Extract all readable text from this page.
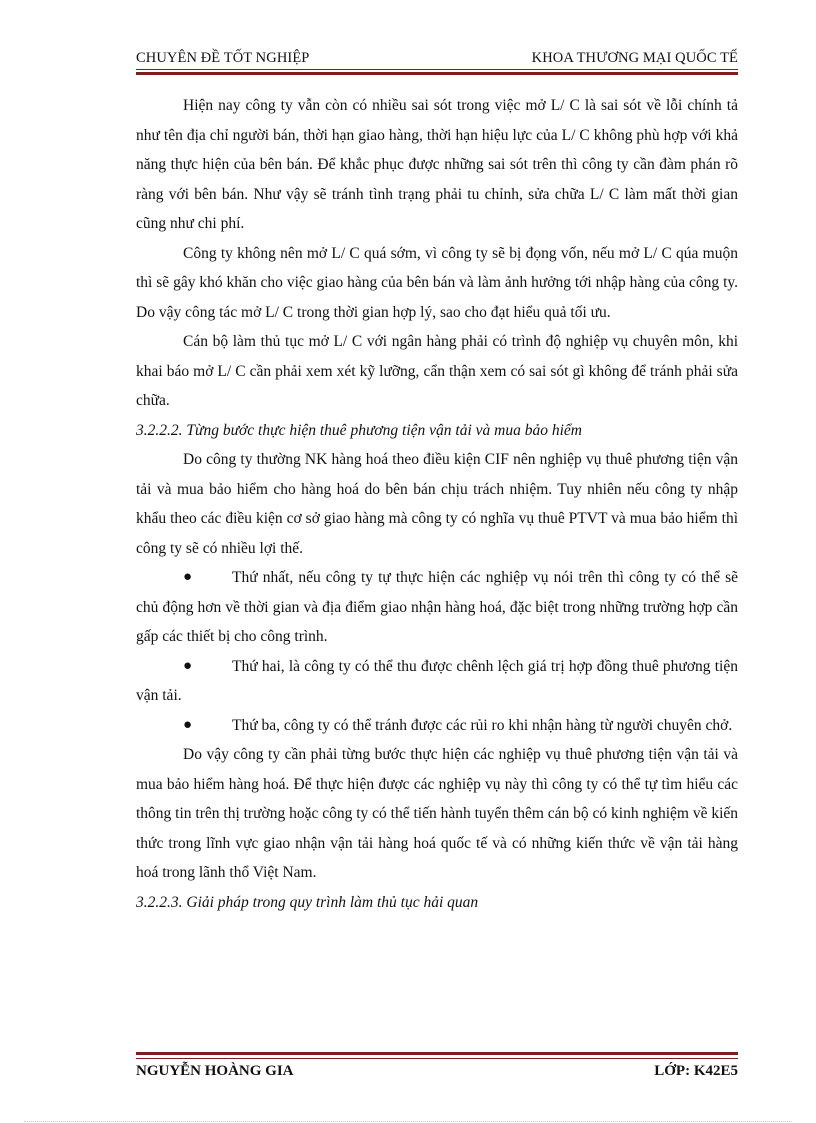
CHUYÊN ĐỀ TỐT NGHIỆP	KHOA THƯƠNG MẠI QUỐC TẾ

Hiện nay công ty vẫn còn có nhiều sai sót trong việc mở L/ C là sai sót về lỗi chính tả như tên địa chỉ người bán, thời hạn giao hàng, thời hạn hiệu lực của L/ C không phù hợp với khả năng thực hiện của bên bán. Để khắc phục được những sai sót trên thì công ty cần đàm phán rõ ràng với bên bán. Như vậy sẽ tránh tình trạng phải tu chỉnh, sửa chữa L/ C làm mất thời gian cũng như chi phí.

Công ty không nên mở L/ C quá sớm, vì công ty sẽ bị đọng vốn, nếu mở L/ C qúa muộn thì sẽ gây khó khăn cho việc giao hàng của bên bán và làm ảnh hưởng tới nhập hàng của công ty. Do vậy công tác mở L/ C trong thời gian hợp lý, sao cho đạt hiểu quả tối ưu.

Cán bộ làm thủ tục mở L/ C với ngân hàng phải có trình độ nghiệp vụ chuyên môn, khi khai báo mở L/ C cần phải xem xét kỹ lưỡng, cẩn thận xem có sai sót gì không để tránh phải sửa chữa.

3.2.2.2. Từng bước thực hiện thuê phương tiện vận tải và mua bảo hiểm

Do công ty thường NK hàng hoá theo điều kiện CIF nên nghiệp vụ thuê phương tiện vận tải và mua bảo hiểm cho hàng hoá do bên bán chịu trách nhiệm. Tuy nhiên nếu công ty nhập khẩu theo các điều kiện cơ sở giao hàng mà công ty có nghĩa vụ thuê PTVT và mua bảo hiểm thì công ty sẽ có nhiều lợi thế.

●	Thứ nhất, nếu công ty tự thực hiện các nghiệp vụ nói trên thì công ty có thể sẽ chủ động hơn về thời gian và địa điểm giao nhận hàng hoá, đặc biệt trong những trường hợp cần gấp các thiết bị cho công trình.
●	Thứ hai, là công ty có thể thu được chênh lệch giá trị hợp đồng thuê phương tiện vận tải.
●	Thứ ba, công ty có thể tránh được các rủi ro khi nhận hàng từ người chuyên chở.

Do vậy công ty cần phải từng bước thực hiện các nghiệp vụ thuê phương tiện vận tải và mua bảo hiểm hàng hoá. Để thực hiện được các nghiệp vụ này thì công ty có thể tự tìm hiểu các thông tin trên thị trường hoặc công ty có thể tiến hành tuyển thêm cán bộ có kinh nghiệm về kiến thức trong lĩnh vực giao nhận vận tải hàng hoá quốc tế và có những kiến thức về vận tải hàng hoá trong lãnh thổ Việt Nam.

3.2.2.3. Giải pháp trong quy trình làm thủ tục hải quan

NGUYỄN HOÀNG GIA	LỚP: K42E5
